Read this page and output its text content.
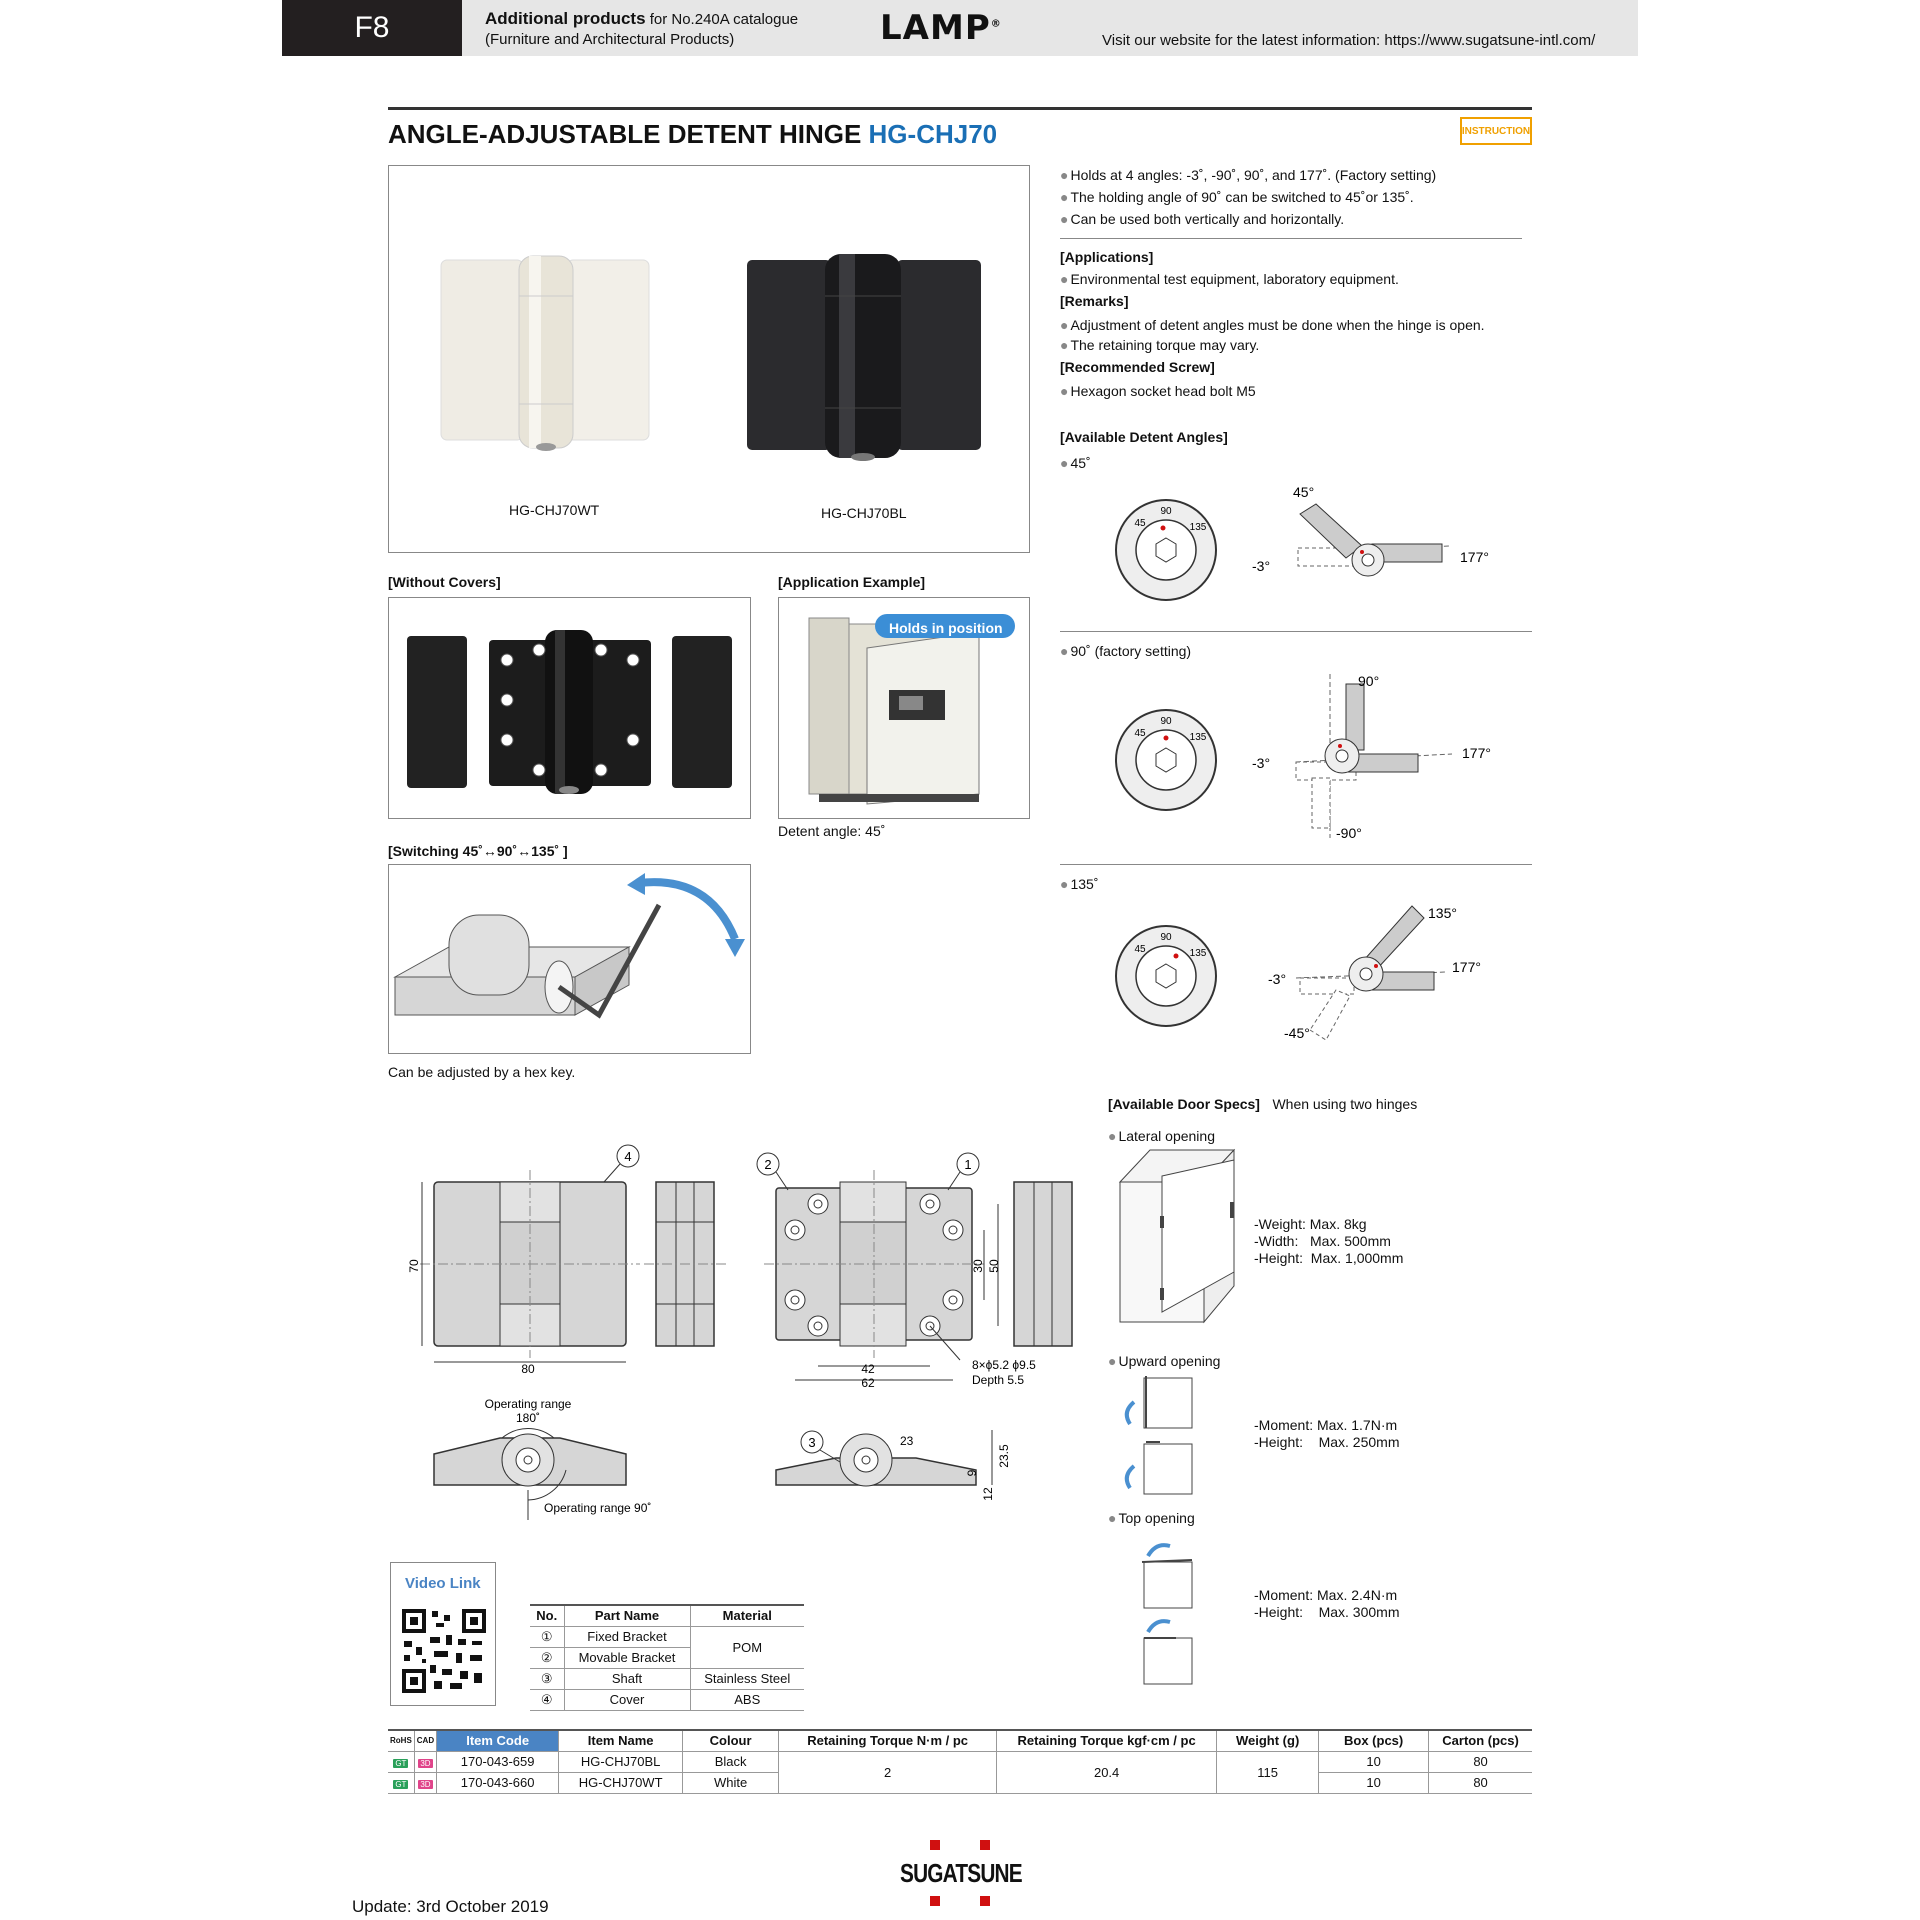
F8	Additional products for No.240A catalogue
(Furniture and Architectural Products)	LAMP®
Visit our website for the latest information: https://www.sugatsune-intl.com/
ANGLE-ADJUSTABLE DETENT HINGE HG-CHJ70	INSTRUCTION
HG-CHJ70WT	HG-CHJ70BL
● Holds at 4 angles: -3˚, -90˚, 90˚, and 177˚. (Factory setting)
● The holding angle of 90˚ can be switched to 45˚or 135˚.
● Can be used both vertically and horizontally.
[Applications]
● Environmental test equipment, laboratory equipment.
[Remarks]
● Adjustment of detent angles must be done when the hinge is open.
● The retaining torque may vary.
[Recommended Screw]
● Hexagon socket head bolt M5
[Available Detent Angles]
● 45˚
90
135
45
45°
-3°
177°
● 90˚ (factory setting)
90
135
45
90°
-3°
177°
-90°
● 135˚
90
135
45
135°
-3°
177°
-45°
[Without Covers]	[Application Example]
Holds in position
Detent angle: 45˚
[Switching 45˚↔90˚↔135˚ ]
Can be adjusted by a hex key.
[Available Door Specs] When using two hinges
● Lateral opening
-Weight: Max. 8kg
-Width:   Max. 500mm
-Height:  Max. 1,000mm
● Upward opening
-Moment: Max. 1.7N·m
-Height:    Max. 250mm
● Top opening
-Moment: Max. 2.4N·m
-Height:    Max. 300mm
70
80
4
30 50
42
62
8×ϕ5.2 ϕ9.5
Depth 5.5
2	1
Operating range
180˚
Operating range 90˚
3	23
23.5
9
12
Video Link
No.	Part Name	Material
①	Fixed Bracket	POM
②	Movable Bracket	
③	Shaft	Stainless Steel
④	Cover	ABS
RoHS	CAD	Item Code	Item Name	Colour	Retaining Torque N·m / pc	Retaining Torque kgf·cm / pc	Weight (g)	Box (pcs)	Carton (pcs)
GT	3D	170-043-659	HG-CHJ70BL	Black	2	20.4	115	10	80
GT	3D	170-043-660	HG-CHJ70WT	White				10	80
SUGATSUNE
Update: 3rd October 2019
